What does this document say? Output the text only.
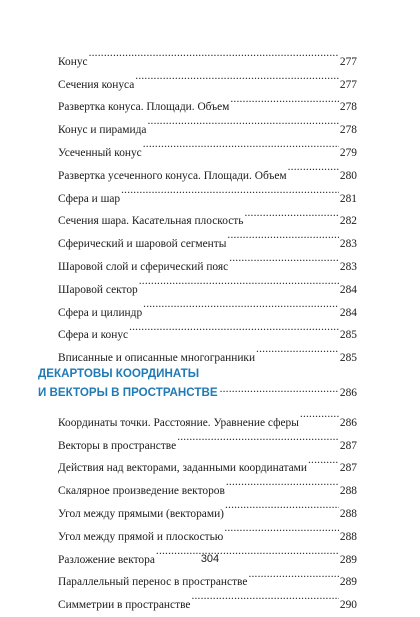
Конус .....	277
Сечения конуса .....	277
Развертка конуса. Площади. Объем .....	278
Конус и пирамида .....	278
Усеченный конус .....	279
Развертка усеченного конуса. Площади. Объем .....	280
Сфера и шар .....	281
Сечения шара. Касательная плоскость .....	282
Сферический и шаровой сегменты .....	283
Шаровой слой и сферический пояс .....	283
Шаровой сектор .....	284
Сфера и цилиндр .....	284
Сфера и конус .....	285
Вписанные и описанные многогранники .....	285
ДЕКАРТОВЫ КООРДИНАТЫ
И ВЕКТОРЫ В ПРОСТРАНСТВЕ .....	286
Координаты точки. Расстояние. Уравнение сферы .....	286
Векторы в пространстве .....	287
Действия над векторами, заданными координатами .....	287
Скалярное произведение векторов .....	288
Угол между прямыми (векторами) .....	288
Угол между прямой и плоскостью .....	288
Разложение вектора .....	289
Параллельный перенос в пространстве .....	289
Симметрии в пространстве .....	290
304
